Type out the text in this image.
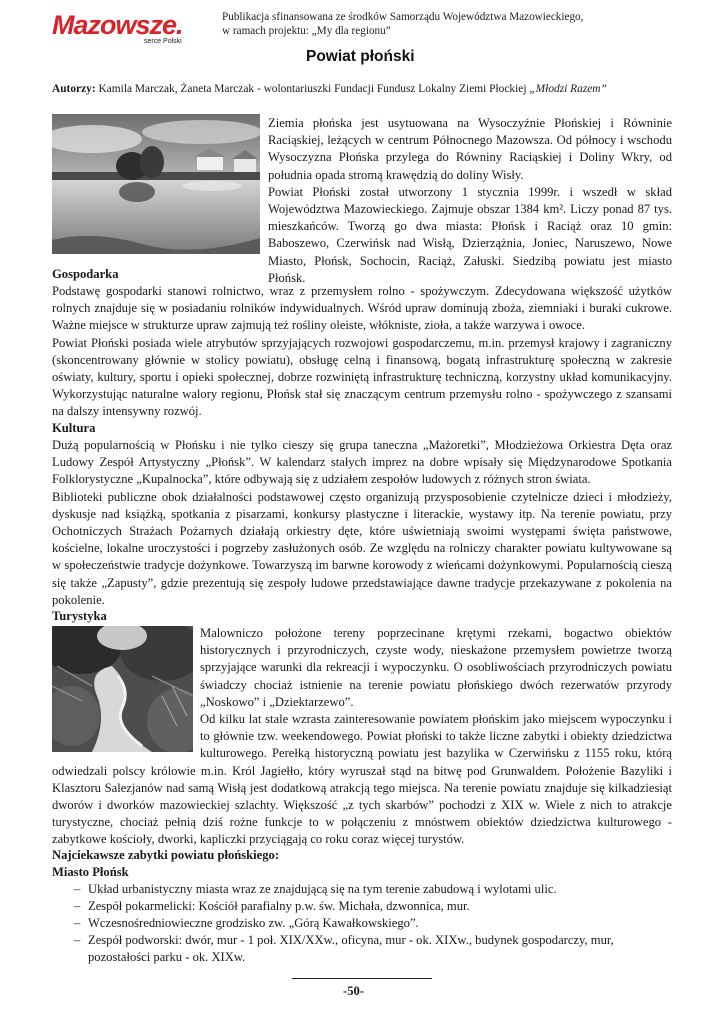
Mazowsze.
serce Polski
Publikacja sfinansowana ze środków Samorządu Województwa Mazowieckiego,
w ramach projektu: „My dla regionu”
Powiat płoński
Autorzy: Kamila Marczak, Żaneta Marczak - wolontariuszki Fundacji Fundusz Lokalny Ziemi Płockiej „Młodzi Razem”

Ziemia płońska jest usytuowana na Wysoczyźnie Płońskiej i Równinie Raciąskiej, leżących w centrum Północnego Mazowsza. Od północy i wschodu Wysoczyzna Płońska przylega do Równiny Raciąskiej i Doliny Wkry, od południa opada stromą krawędzią do doliny Wisły.

Powiat Płoński został utworzony 1 stycznia 1999r. i wszedł w skład Województwa Mazowieckiego. Zajmuje obszar 1384 km². Liczy ponad 87 tys. mieszkańców. Tworzą go dwa miasta: Płońsk i Raciąż oraz 10 gmin: Baboszewo, Czerwińsk nad Wisłą, Dzierzążnia, Joniec, Naruszewo, Nowe Miasto, Płońsk, Sochocin, Raciąż, Załuski. Siedzibą powiatu jest miasto Płońsk.

Gospodarka

Podstawę gospodarki stanowi rolnictwo, wraz z przemysłem rolno - spożywczym. Zdecydowana większość użytków rolnych znajduje się w posiadaniu rolników indywidualnych. Wśród upraw dominują zboża, ziemniaki i buraki cukrowe. Ważne miejsce w strukturze upraw zajmują też rośliny oleiste, włókniste, zioła, a także warzywa i owoce.

Powiat Płoński posiada wiele atrybutów sprzyjających rozwojowi gospodarczemu, m.in. przemysł krajowy i zagraniczny (skoncentrowany głównie w stolicy powiatu), obsługę celną i finansową, bogatą infrastrukturę społeczną w zakresie oświaty, kultury, sportu i opieki społecznej, dobrze rozwiniętą infrastrukturę techniczną, korzystny układ komunikacyjny. Wykorzystując naturalne walory regionu, Płońsk stał się znaczącym centrum przemysłu rolno - spożywczego z szansami na dalszy intensywny rozwój.

Kultura

Dużą popularnością w Płońsku i nie tylko cieszy się grupa taneczna „Mażoretki”, Młodzieżowa Orkiestra Dęta oraz Ludowy Zespół Artystyczny „Płońsk”. W kalendarz stałych imprez na dobre wpisały się Międzynarodowe Spotkania Folklorystyczne „Kupalnocka”, które odbywają się z udziałem zespołów ludowych z różnych stron świata.

Biblioteki publiczne obok działalności podstawowej często organizują przysposobienie czytelnicze dzieci i młodzieży, dyskusje nad książką, spotkania z pisarzami, konkursy plastyczne i literackie, wystawy itp. Na terenie powiatu, przy Ochotniczych Strażach Pożarnych działają orkiestry dęte, które uświetniają swoimi występami święta państwowe, kościelne, lokalne uroczystości i pogrzeby zasłużonych osób. Ze względu na rolniczy charakter powiatu kultywowane są w społeczeństwie tradycje dożynkowe. Towarzyszą im barwne korowody z wieńcami dożynkowymi. Popularnością cieszą się także „Zapusty”, gdzie prezentują się zespoły ludowe przedstawiające dawne tradycje przekazywane z pokolenia na pokolenie.

Turystyka

Malowniczo położone tereny poprzecinane krętymi rzekami, bogactwo obiektów historycznych i przyrodniczych, czyste wody, nieskażone przemysłem powietrze tworzą sprzyjające warunki dla rekreacji i wypoczynku. O osobliwościach przyrodniczych powiatu świadczy chociaż istnienie na terenie powiatu płońskiego dwóch rezerwatów przyrody „Noskowo” i „Dziektarzewo”.

Od kilku lat stale wzrasta zainteresowanie powiatem płońskim jako miejscem wypoczynku i to głównie tzw. weekendowego. Powiat płoński to także liczne zabytki i obiekty dziedzictwa kulturowego. Perełką historyczną powiatu jest bazylika w Czerwińsku z 1155 roku, którą odwiedzali polscy królowie m.in. Król Jagiełło, który wyruszał stąd na bitwę pod Grunwaldem. Położenie Bazyliki i Klasztoru Salezjanów nad samą Wisłą jest dodatkową atrakcją tego miejsca. Na terenie powiatu znajduje się kilkadziesiąt dworów i dworków mazowieckiej szlachty. Większość „z tych skarbów” pochodzi z XIX w. Wiele z nich to atrakcje turystyczne, chociaż pełnią dziś rożne funkcje to w połączeniu z mnóstwem obiektów dziedzictwa kulturowego - zabytkowe kościoły, dworki, kapliczki przyciągają co roku coraz więcej turystów.

Najciekawsze zabytki powiatu płońskiego:
Miasto Płońsk
– Układ urbanistyczny miasta wraz ze znajdującą się na tym terenie zabudową i wylotami ulic.
– Zespół pokarmelicki: Kościół parafialny p.w. św. Michała, dzwonnica, mur.
– Wczesnośredniowieczne grodzisko zw. „Górą Kawałkowskiego”.
– Zespół podworski: dwór, mur - 1 poł. XIX/XXw., oficyna, mur - ok. XIXw., budynek gospodarczy, mur, pozostałości parku - ok. XIXw.
-50-
